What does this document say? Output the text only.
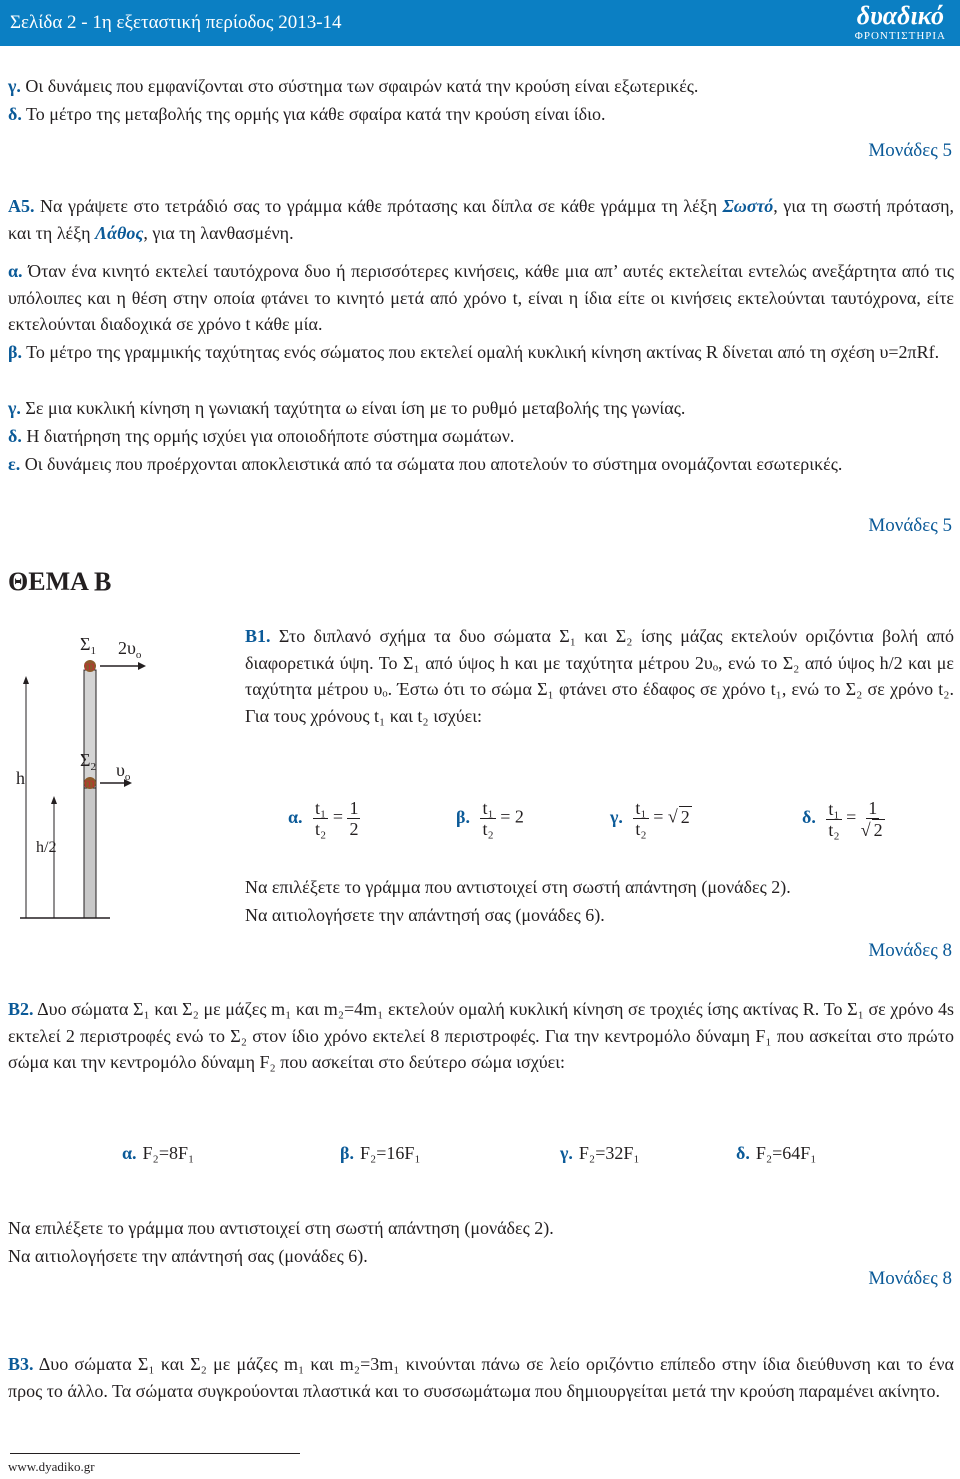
Σελίδα 2 - 1η εξεταστική περίοδος 2013-14	δυαδικό
ΦΡΟΝΤΙΣΤΗΡΙΑ
γ. Οι δυνάμεις που εμφανίζονται στο σύστημα των σφαιρών κατά την κρούση είναι εξωτερικές.
δ. Το μέτρο της μεταβολής της ορμής για κάθε σφαίρα κατά την κρούση είναι ίδιο.
Μονάδες 5
Α5. Να γράψετε στο τετράδιό σας το γράμμα κάθε πρότασης και δίπλα σε κάθε γράμμα τη λέξη Σωστό, για τη σωστή πρόταση, και τη λέξη Λάθος, για τη λανθασμένη.
α. Όταν ένα κινητό εκτελεί ταυτόχρονα δυο ή περισσότερες κινήσεις, κάθε μια απ’ αυτές εκτελείται εντελώς ανεξάρτητα από τις υπόλοιπες και η θέση στην οποία φτάνει το κινητό μετά από χρόνο t, είναι η ίδια είτε οι κινήσεις εκτελούνται ταυτόχρονα, είτε εκτελούνται διαδοχικά σε χρόνο t κάθε μία.
β. Το μέτρο της γραμμικής ταχύτητας ενός σώματος που εκτελεί ομαλή κυκλική κίνηση ακτίνας R δίνεται από τη σχέση υ=2πRf.
γ. Σε μια κυκλική κίνηση η γωνιακή ταχύτητα ω είναι ίση με το ρυθμό μεταβολής της γωνίας.
δ. Η διατήρηση της ορμής ισχύει για οποιοδήποτε σύστημα σωμάτων.
ε. Οι δυνάμεις που προέρχονται αποκλειστικά από τα σώματα που αποτελούν το σύστημα ονομάζονται εσωτερικές.
Μονάδες 5
ΘΕΜΑ Β
$\Sigma_1$ $2\upsilon_o$
m
$\Sigma_2$ $\upsilon_o$
m
h
h/2
Β1. Στο διπλανό σχήμα τα δυο σώματα Σ₁ και Σ₂ ίσης μάζας εκτελούν οριζόντια βολή από διαφορετικά ύψη. Το Σ₁ από ύψος h και με ταχύτητα μέτρου 2υₒ, ενώ το Σ₂ από ύψος h/2 και με ταχύτητα μέτρου υₒ. Έστω ότι το σώμα Σ₁ φτάνει στο έδαφος σε χρόνο t₁, ενώ το Σ₂ σε χρόνο t₂. Για τους χρόνους t₁ και t₂ ισχύει:
α. $\frac{\text{t₁}}{\text{t₂}} = \frac{1}{2}$	β. $\frac{\text{t₁}}{\text{t₂}} = 2$	γ. $\frac{\text{t₁}}{\text{t₂}}$ = √ 2	δ. $\frac{\text{t₁}}{\text{t₂}} = \frac{1}{√ 2}$
Να επιλέξετε το γράμμα που αντιστοιχεί στη σωστή απάντηση (μονάδες 2).
Να αιτιολογήσετε την απάντησή σας (μονάδες 6).
Μονάδες 8
Β2. Δυο σώματα Σ₁ και Σ₂ με μάζες m₁ και m₂=4m₁ εκτελούν ομαλή κυκλική κίνηση σε τροχιές ίσης ακτίνας R. Το Σ₁ σε χρόνο 4s εκτελεί 2 περιστροφές ενώ το Σ₂ στον ίδιο χρόνο εκτελεί 8 περιστροφές. Για την κεντρομόλο δύναμη F₁ που ασκείται στο πρώτο σώμα και την κεντρομόλο δύναμη F₂ που ασκείται στο δεύτερο σώμα ισχύει:
α. F₂=8F₁	β. F₂=16F₁	γ. F₂=32F₁	δ. F₂=64F₁
Να επιλέξετε το γράμμα που αντιστοιχεί στη σωστή απάντηση (μονάδες 2).
Να αιτιολογήσετε την απάντησή σας (μονάδες 6).
Μονάδες 8
Β3. Δυο σώματα Σ₁ και Σ₂ με μάζες m₁ και m₂=3m₁ κινούνται πάνω σε λείο οριζόντιο επίπεδο στην ίδια διεύθυνση και το ένα προς το άλλο. Τα σώματα συγκρούονται πλαστικά και το συσσωμάτωμα που δημιουργείται μετά την κρούση παραμένει ακίνητο.
www.dyadiko.gr
